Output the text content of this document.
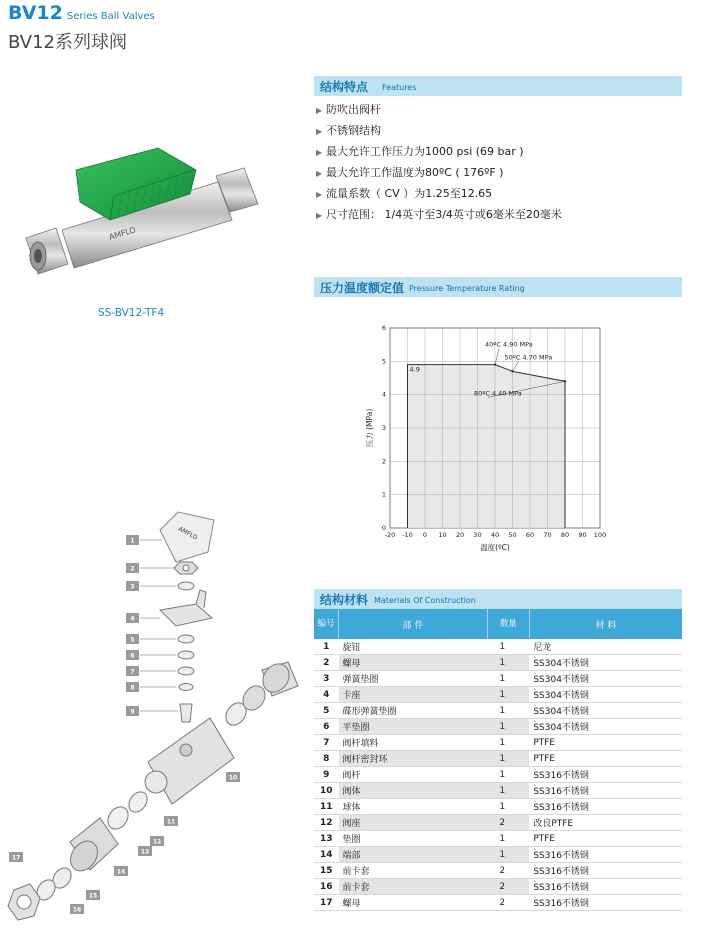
BV12 Series Ball Valves
BV12系列球阀
AMFLO
SS-BV12-TF4
结构特点 Features
▶ 防吹出阀杆
▶ 不锈钢结构
▶ 最大允许工作压力为1000 psi (69 bar )
▶ 最大允许工作温度为80ºC ( 176ºF )
▶ 流量系数（ CV ）为1.25至12.65
▶ 尺寸范围： 1/4英寸至3/4英寸或6毫米至20毫米
压力温度额定值 Pressure Temperature Rating
-20 -10 0 10 20 30 40 50 60 70 80 90 100
0
1
2
3
4
5
6
4.9
40ºC 4.90 MPa
50ºC 4.70 MPa
80ºC 4.40 MPa
温度(ºC)
压力 (MPa)
AMFLO
1
2
3
4
5
6
7
8
9
10
11
12
13
14
15
16
17
结构材料 Materials Of Construction
编号	部 件	数量	材 料
1	旋钮	1	尼龙
2	螺母	1	SS304不锈钢
3	弹簧垫圈	1	SS304不锈钢
4	卡座	1	SS304不锈钢
5	碟形弹簧垫圈	1	SS304不锈钢
6	平垫圈	1	SS304不锈钢
7	阀杆填料	1	PTFE
8	阀杆密封环	1	PTFE
9	阀杆	1	SS316不锈钢
10	阀体	1	SS316不锈钢
11	球体	1	SS316不锈钢
12	阀座	2	改良PTFE
13	垫圈	1	PTFE
14	端部	1	SS316不锈钢
15	前卡套	2	SS316不锈钢
16	前卡套	2	SS316不锈钢
17	螺母	2	SS316不锈钢
